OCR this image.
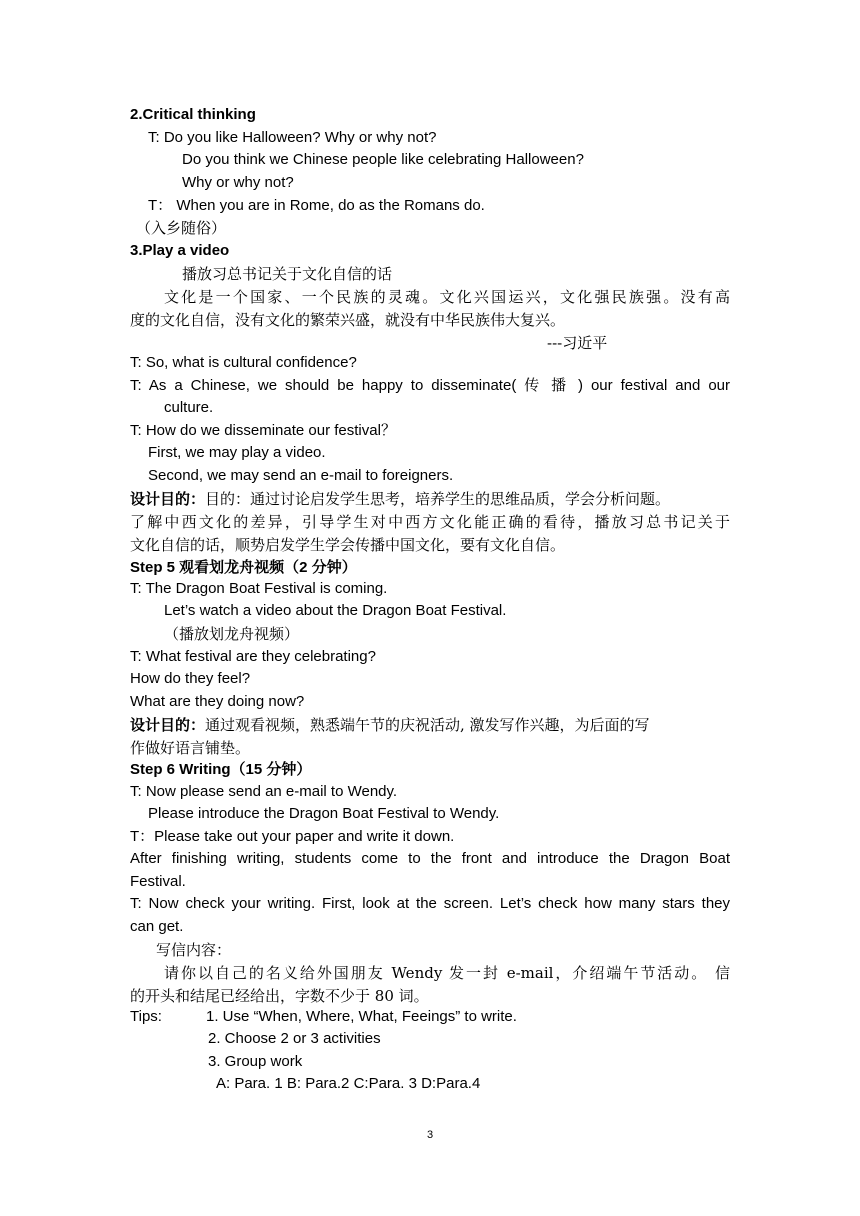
2.Critical thinking
T: Do you like Halloween? Why or why not?
Do you think we Chinese people like celebrating Halloween?
Why or why not?
T： When you are in Rome, do as the Romans do.
（入乡随俗）
3.Play a video
播放习总书记关于文化自信的话
文化是一个国家、一个民族的灵魂。文化兴国运兴，文化强民族强。没有高
度的文化自信，没有文化的繁荣兴盛，就没有中华民族伟大复兴。
---习近平
T: So, what is cultural confidence?
T: As a Chinese, we should be happy to disseminate( 传 播 ) our festival and our
culture.
T: How do we disseminate our festival？
First, we may play a video.
Second, we may send an e-mail to foreigners.
设计目的：目的：通过讨论启发学生思考，培养学生的思维品质，学会分析问题。
了解中西文化的差异，引导学生对中西方文化能正确的看待，播放习总书记关于
文化自信的话，顺势启发学生学会传播中国文化，要有文化自信。
Step 5 观看划龙舟视频（2 分钟）
T: The Dragon Boat Festival is coming.
Let’s watch a video about the Dragon Boat Festival.
（播放划龙舟视频）
T: What festival are they celebrating?
How do they feel?
What are they doing now?
设计目的：通过观看视频，熟悉端午节的庆祝活动, 激发写作兴趣，为后面的写
作做好语言铺垫。
Step 6 Writing（15 分钟）
T: Now please send an e-mail to Wendy.
Please introduce the Dragon Boat Festival to Wendy.
T：Please take out your paper and write it down.
After finishing writing, students come to the front and introduce the Dragon Boat
Festival.
T: Now check your writing. First, look at the screen. Let’s check how many stars they
can get.
写信内容：
请你以自己的名义给外国朋友 Wendy 发一封 e-mail，介绍端午节活动。 信
的开头和结尾已经给出，字数不少于 80 词。
Tips:	1. Use “When, Where, What, Feeings” to write.
2. Choose 2 or 3 activities
3. Group work
A: Para. 1 B: Para.2 C:Para. 3 D:Para.4
3
